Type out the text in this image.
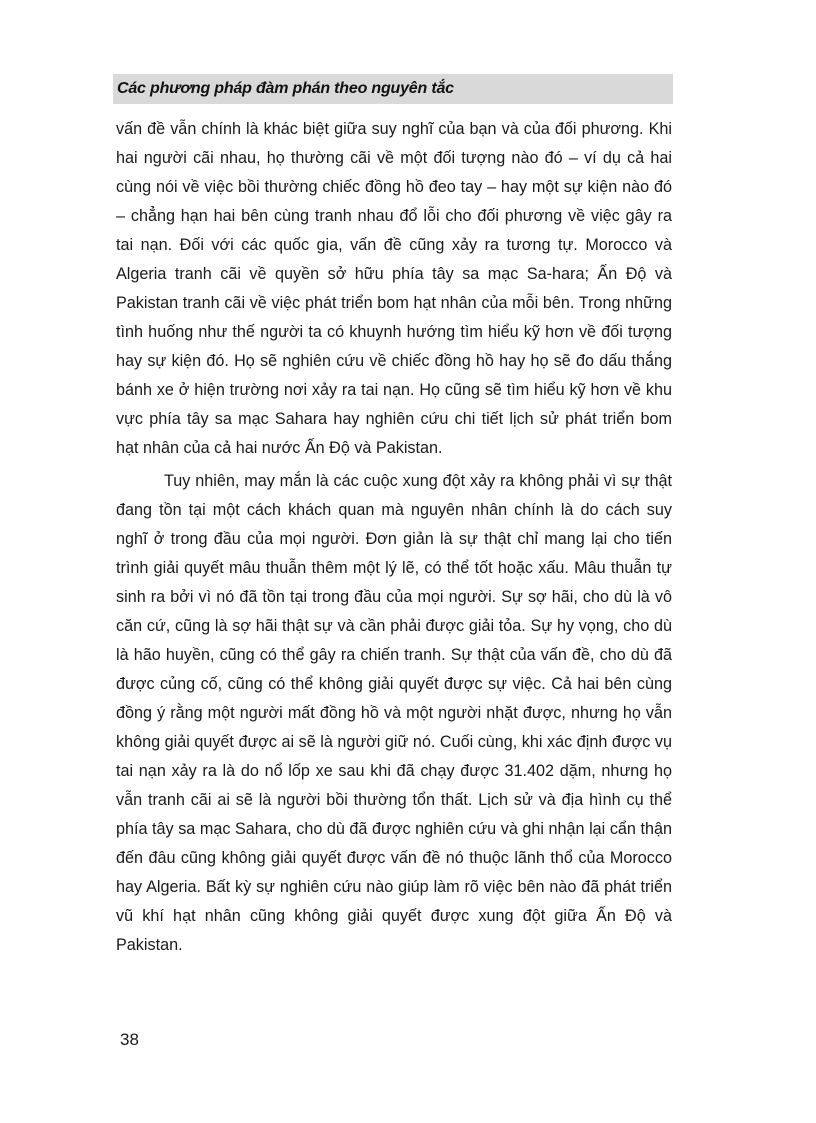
Các phương pháp đàm phán theo nguyên tắc

vấn đề vẫn chính là khác biệt giữa suy nghĩ của bạn và của đối phương. Khi hai người cãi nhau, họ thường cãi về một đối tượng nào đó – ví dụ cả hai cùng nói về việc bồi thường chiếc đồng hồ đeo tay – hay một sự kiện nào đó – chẳng hạn hai bên cùng tranh nhau đổ lỗi cho đối phương về việc gây ra tai nạn. Đối với các quốc gia, vấn đề cũng xảy ra tương tự. Morocco và Algeria tranh cãi về quyền sở hữu phía tây sa mạc Sa-hara; Ấn Độ và Pakistan tranh cãi về việc phát triển bom hạt nhân của mỗi bên. Trong những tình huống như thế người ta có khuynh hướng tìm hiểu kỹ hơn về đối tượng hay sự kiện đó. Họ sẽ nghiên cứu về chiếc đồng hồ hay họ sẽ đo dấu thắng bánh xe ở hiện trường nơi xảy ra tai nạn. Họ cũng sẽ tìm hiểu kỹ hơn về khu vực phía tây sa mạc Sahara hay nghiên cứu chi tiết lịch sử phát triển bom hạt nhân của cả hai nước Ấn Độ và Pakistan.

Tuy nhiên, may mắn là các cuộc xung đột xảy ra không phải vì sự thật đang tồn tại một cách khách quan mà nguyên nhân chính là do cách suy nghĩ ở trong đầu của mọi người. Đơn giản là sự thật chỉ mang lại cho tiến trình giải quyết mâu thuẫn thêm một lý lẽ, có thể tốt hoặc xấu. Mâu thuẫn tự sinh ra bởi vì nó đã tồn tại trong đầu của mọi người. Sự sợ hãi, cho dù là vô căn cứ, cũng là sợ hãi thật sự và cần phải được giải tỏa. Sự hy vọng, cho dù là hão huyền, cũng có thể gây ra chiến tranh. Sự thật của vấn đề, cho dù đã được củng cố, cũng có thể không giải quyết được sự việc. Cả hai bên cùng đồng ý rằng một người mất đồng hồ và một người nhặt được, nhưng họ vẫn không giải quyết được ai sẽ là người giữ nó. Cuối cùng, khi xác định được vụ tai nạn xảy ra là do nổ lốp xe sau khi đã chạy được 31.402 dặm, nhưng họ vẫn tranh cãi ai sẽ là người bồi thường tổn thất. Lịch sử và địa hình cụ thể phía tây sa mạc Sahara, cho dù đã được nghiên cứu và ghi nhận lại cẩn thận đến đâu cũng không giải quyết được vấn đề nó thuộc lãnh thổ của Morocco hay Algeria. Bất kỳ sự nghiên cứu nào giúp làm rõ việc bên nào đã phát triển vũ khí hạt nhân cũng không giải quyết được xung đột giữa Ấn Độ và Pakistan.

38
